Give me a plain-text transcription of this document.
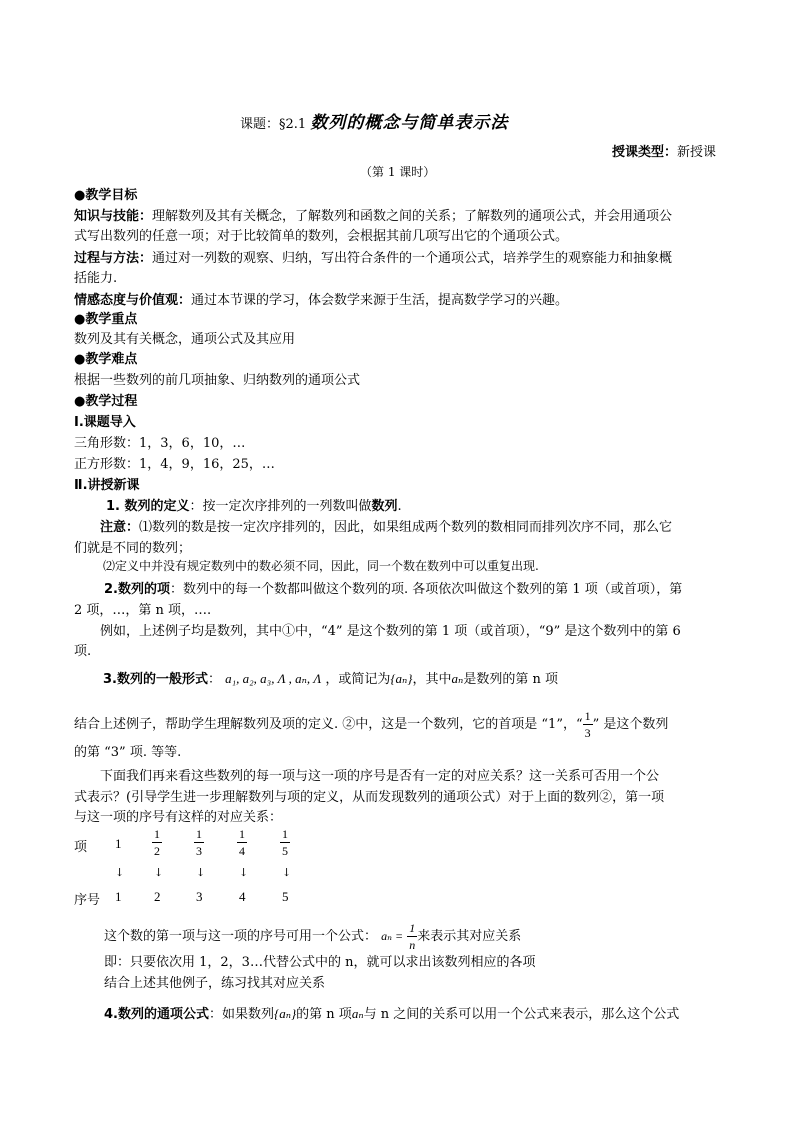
课题：§2.1 数列的概念与简单表示法
授课类型：新授课
（第 1 课时）
●教学目标
知识与技能：理解数列及其有关概念，了解数列和函数之间的关系；了解数列的通项公式，并会用通项公
式写出数列的任意一项；对于比较简单的数列，会根据其前几项写出它的个通项公式。
过程与方法：通过对一列数的观察、归纳，写出符合条件的一个通项公式，培养学生的观察能力和抽象概
括能力.
情感态度与价值观：通过本节课的学习，体会数学来源于生活，提高数学学习的兴趣。
●教学重点
数列及其有关概念，通项公式及其应用
●教学难点
根据一些数列的前几项抽象、归纳数列的通项公式
●教学过程
Ⅰ.课题导入
三角形数：1，3，6，10，…
正方形数：1，4，9，16，25，…
Ⅱ.讲授新课
1. 数列的定义：按一定次序排列的一列数叫做数列.
注意：⑴数列的数是按一定次序排列的，因此，如果组成两个数列的数相同而排列次序不同，那么它
们就是不同的数列；
⑵定义中并没有规定数列中的数必须不同，因此，同一个数在数列中可以重复出现.
2.数列的项：数列中的每一个数都叫做这个数列的项. 各项依次叫做这个数列的第 1 项（或首项），第
2 项，…，第 n 项，….
例如，上述例子均是数列，其中①中，“4” 是这个数列的第 1 项（或首项），“9” 是这个数列中的第 6
项.
3.数列的一般形式： a₁, a₂, a₃, Λ , aₙ, Λ ，或简记为{aₙ}，其中aₙ是数列的第 n 项
结合上述例子，帮助学生理解数列及项的定义. ②中，这是一个数列，它的首项是 “1”，“ $\frac{1}{3}$ ” 是这个数列
的第 “3” 项. 等等.
下面我们再来看这些数列的每一项与这一项的序号是否有一定的对应关系？这一关系可否用一个公
式表示？(引导学生进一步理解数列与项的定义，从而发现数列的通项公式）对于上面的数列②，第一项
与这一项的序号有这样的对应关系：
项 1	$\frac{1}{2}$	$\frac{1}{3}$	$\frac{1}{4}$	$\frac{1}{5}$
↓	↓	↓	↓	↓
序号 1	2	3	4	5
这个数的第一项与这一项的序号可用一个公式： $a_n = \frac{1}{n}$ 来表示其对应关系
即：只要依次用 1，2，3…代替公式中的 n，就可以求出该数列相应的各项
结合上述其他例子，练习找其对应关系
4.数列的通项公式：如果数列{aₙ}的第 n 项aₙ与 n 之间的关系可以用一个公式来表示，那么这个公式
